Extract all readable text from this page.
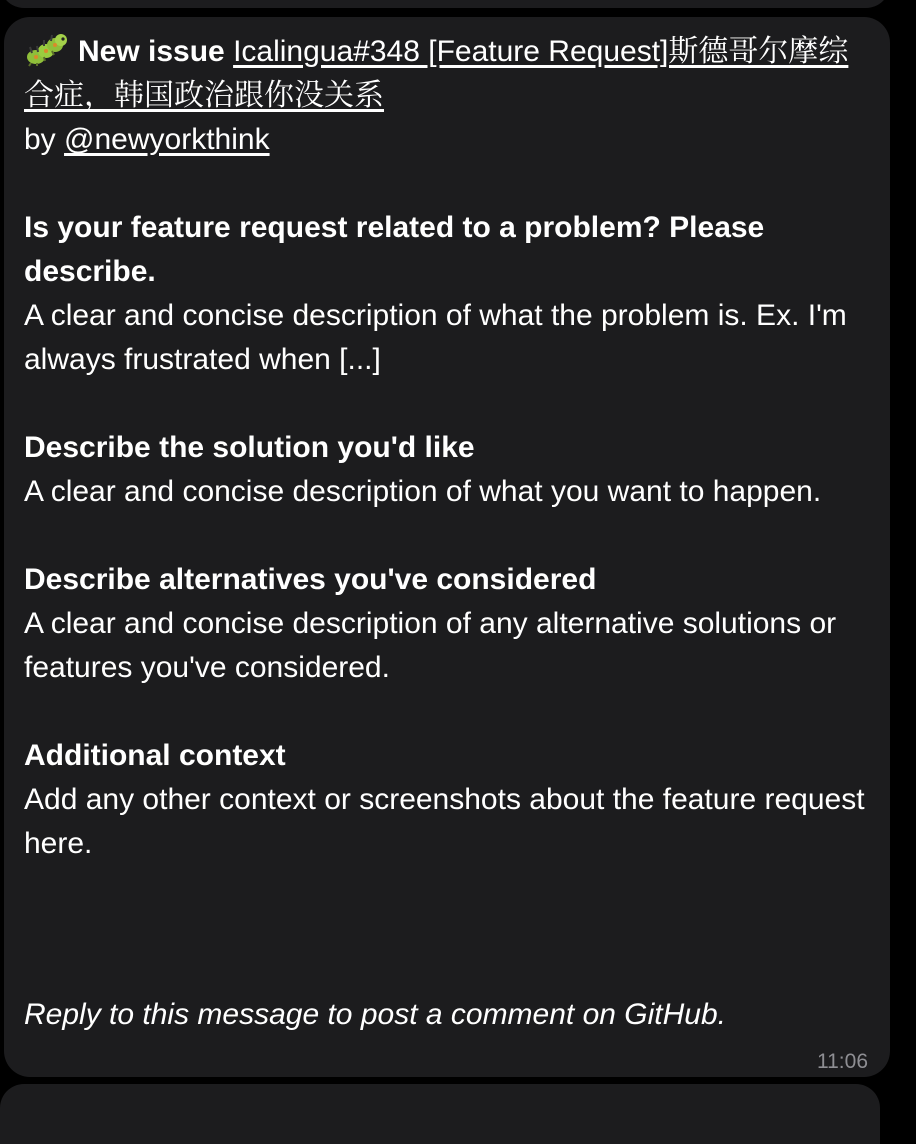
New issue Icalingua#348 [Feature Request]斯德哥尔摩综合症，韩国政治跟你没关系
by @newyorkthink
Is your feature request related to a problem? Please describe.
A clear and concise description of what the problem is. Ex. I'm always frustrated when [...]
Describe the solution you'd like
A clear and concise description of what you want to happen.
Describe alternatives you've considered
A clear and concise description of any alternative solutions or features you've considered.
Additional context
Add any other context or screenshots about the feature request here.
Reply to this message to post a comment on GitHub.
11:06
